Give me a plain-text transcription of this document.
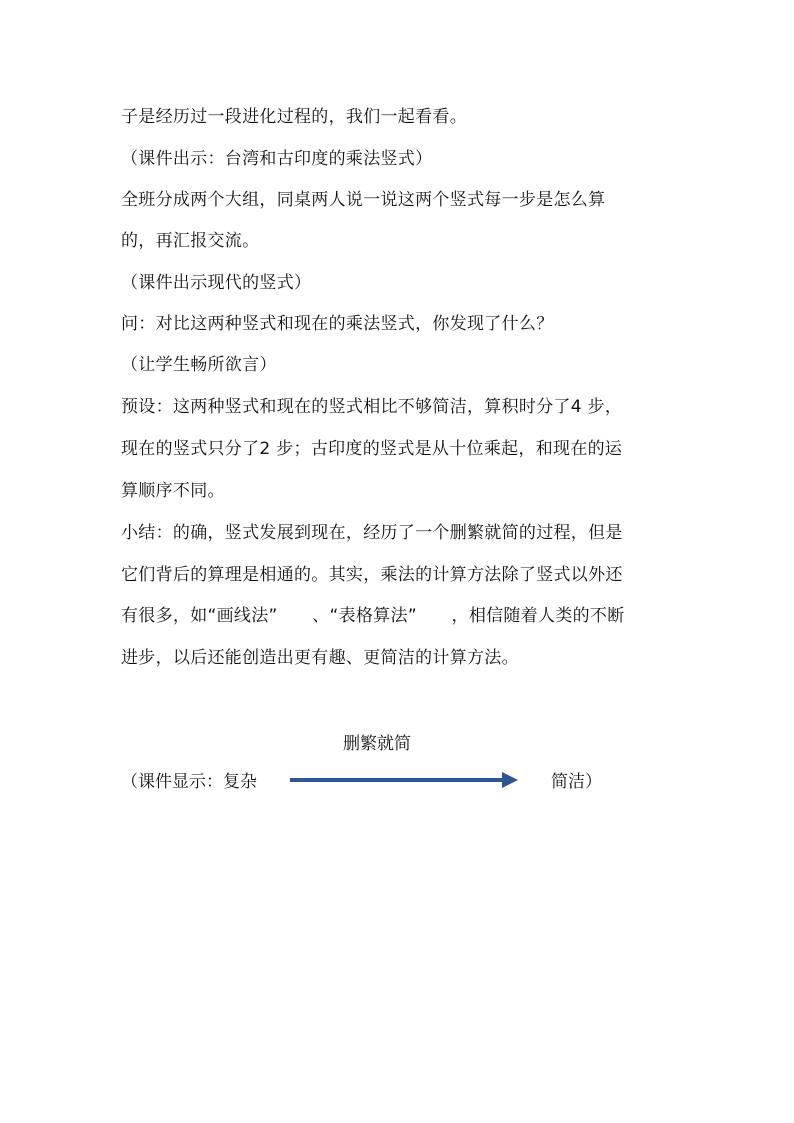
子是经历过一段进化过程的，我们一起看看。
（课件出示：台湾和古印度的乘法竖式）
全班分成两个大组，同桌两人说一说这两个竖式每一步是怎么算
的，再汇报交流。
（课件出示现代的竖式）
问：对比这两种竖式和现在的乘法竖式，你发现了什么？
（让学生畅所欲言）
预设：这两种竖式和现在的竖式相比不够简洁，算积时分了4 步，
现在的竖式只分了2 步；古印度的竖式是从十位乘起，和现在的运
算顺序不同。
小结：的确，竖式发展到现在，经历了一个删繁就简的过程，但是
它们背后的算理是相通的。其实，乘法的计算方法除了竖式以外还
有很多，如“画线法”　　、“表格算法”　　，相信随着人类的不断
进步，以后还能创造出更有趣、更简洁的计算方法。
删繁就简
（课件显示：复杂	简洁）
